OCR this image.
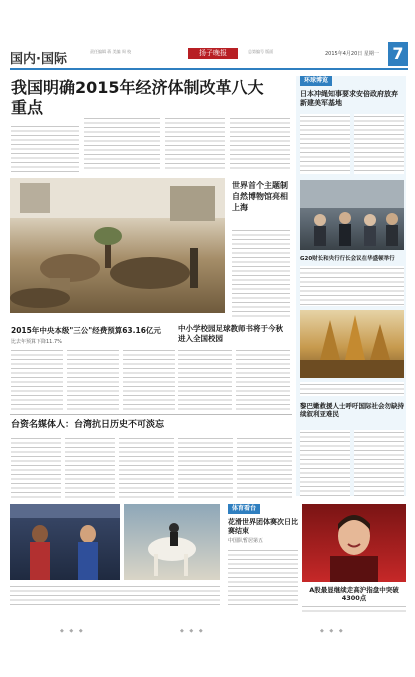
国内·国际
责任编辑 蒋 美编 周 校	扬子晚报	总第编号 版面	2015年4月20日 星期一 7
我国明确2015年经济体制改革八大重点
世界首个主题制自然博物馆亮相上海
2015年中央本级"三公"经费预算63.16亿元
比去年预算下降11.7%
中小学校园足球教师书将于今秋进入全国校园
台资名媒体人：台湾抗日历史不可淡忘
环球博览
日本冲绳知事要求安倍政府放弃新建美军基地
G20财长和央行行长会议在华盛顿举行
黎巴嫩救援人士呼吁国际社会勿缺持续叙利亚难民
体育看台
花滑世界团体赛次日比赛结束
中国队暂居第五
A股最显继续走高沪指盘中突破4300点
◆ ◆ ◆	◆ ◆ ◆	◆ ◆ ◆
